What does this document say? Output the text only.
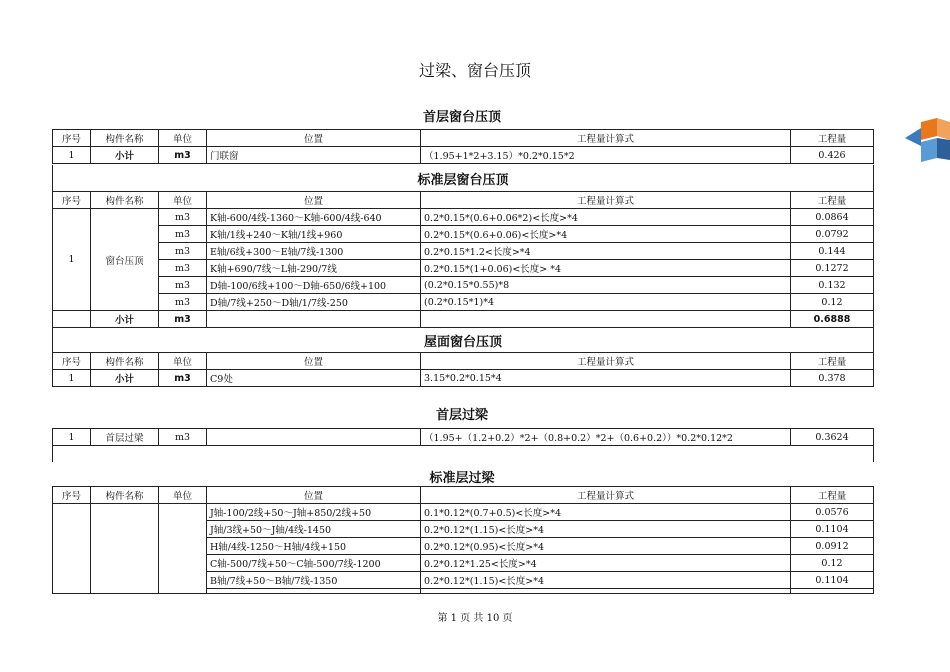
过梁、窗台压顶
首层窗台压顶
序号	构件名称	单位	位置	工程量计算式	工程量
1	小计	m3	门联窗	（1.95+1*2+3.15）*0.2*0.15*2	0.426
标准层窗台压顶					
序号	构件名称	单位	位置	工程量计算式	工程量
1	窗台压顶	m3	K轴-600/4线-1360～K轴-600/4线-640	0.2*0.15*(0.6+0.06*2)<长度>*4	0.0864
		m3	K轴/1线+240～K轴/1线+960	0.2*0.15*(0.6+0.06)<长度>*4	0.0792
		m3	E轴/6线+300～E轴/7线-1300	0.2*0.15*1.2<长度>*4	0.144
		m3	K轴+690/7线～L轴-290/7线	0.2*0.15*(1+0.06)<长度> *4	0.1272
		m3	D轴-100/6线+100～D轴-650/6线+100	(0.2*0.15*0.55)*8	0.132
		m3	D轴/7线+250～D轴/1/7线-250	(0.2*0.15*1)*4	0.12
	小计	m3			0.6888
屋面窗台压顶					
序号	构件名称	单位	位置	工程量计算式	工程量
1	小计	m3	C9处	3.15*0.2*0.15*4	0.378
首层过梁
1	首层过梁	m3		（1.95+（1.2+0.2）*2+（0.8+0.2）*2+（0.6+0.2））*0.2*0.12*2	0.3624

标准层过梁
序号	构件名称	单位	位置	工程量计算式	工程量
			J轴-100/2线+50～J轴+850/2线+50	0.1*0.12*(0.7+0.5)<长度>*4	0.0576
			J轴/3线+50～J轴/4线-1450	0.2*0.12*(1.15)<长度>*4	0.1104
			H轴/4线-1250～H轴/4线+150	0.2*0.12*(0.95)<长度>*4	0.0912
			C轴-500/7线+50～C轴-500/7线-1200	0.2*0.12*1.25<长度>*4	0.12
			B轴/7线+50～B轴/7线-1350	0.2*0.12*(1.15)<长度>*4	0.1104

第 1 页 共 10 页
